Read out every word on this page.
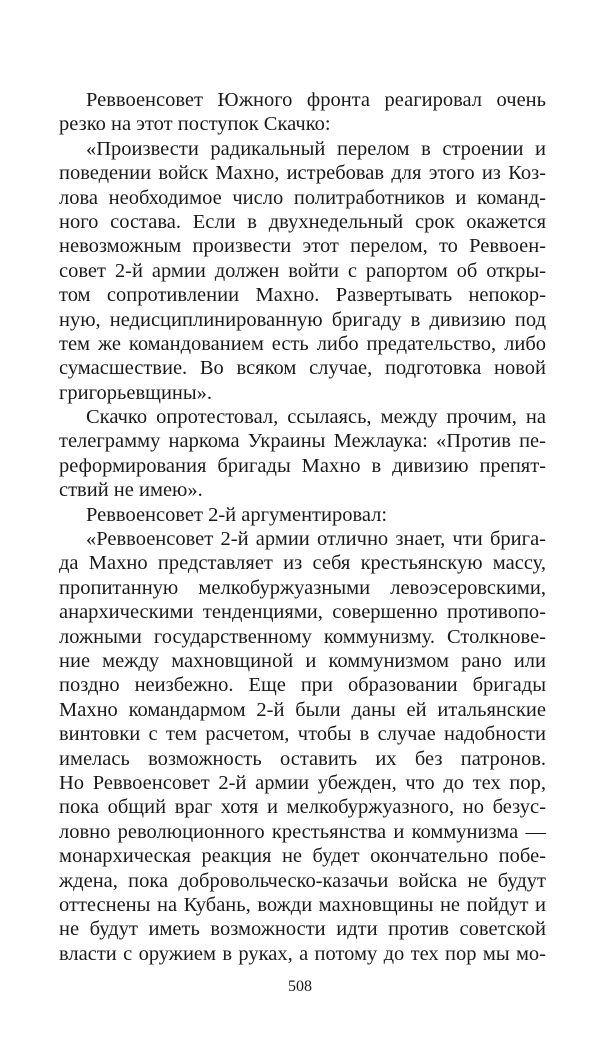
Реввоенсовет Южного фронта реагировал очень
резко на этот поступок Скачко:
«Произвести радикальный перелом в строении и
поведении войск Махно, истребовав для этого из Коз-
лова необходимое число политработников и команд-
ного состава. Если в двухнедельный срок окажется
невозможным произвести этот перелом, то Реввоен-
совет 2-й армии должен войти с рапортом об откры-
том сопротивлении Махно. Развертывать непокор-
ную, недисциплинированную бригаду в дивизию под
тем же командованием есть либо предательство, либо
сумасшествие. Во всяком случае, подготовка новой
григорьевщины».
Скачко опротестовал, ссылаясь, между прочим, на
телеграмму наркома Украины Межлаука: «Против пе-
реформирования бригады Махно в дивизию препят-
ствий не имею».
Реввоенсовет 2-й аргументировал:
«Реввоенсовет 2-й армии отлично знает, чти брига-
да Махно представляет из себя крестьянскую массу,
пропитанную мелкобуржуазными левоэсеровскими,
анархическими тенденциями, совершенно противопо-
ложными государственному коммунизму. Столкнове-
ние между махновщиной и коммунизмом рано или
поздно неизбежно. Еще при образовании бригады
Махно командармом 2-й были даны ей итальянские
винтовки с тем расчетом, чтобы в случае надобности
имелась возможность оставить их без патронов.
Но Реввоенсовет 2-й армии убежден, что до тех пор,
пока общий враг хотя и мелкобуржуазного, но безус-
ловно революционного крестьянства и коммунизма —
монархическая реакция не будет окончательно побе-
ждена, пока добровольческо-казачьи войска не будут
оттеснены на Кубань, вожди махновщины не пойдут и
не будут иметь возможности идти против советской
власти с оружием в руках, а потому до тех пор мы мо-
508
